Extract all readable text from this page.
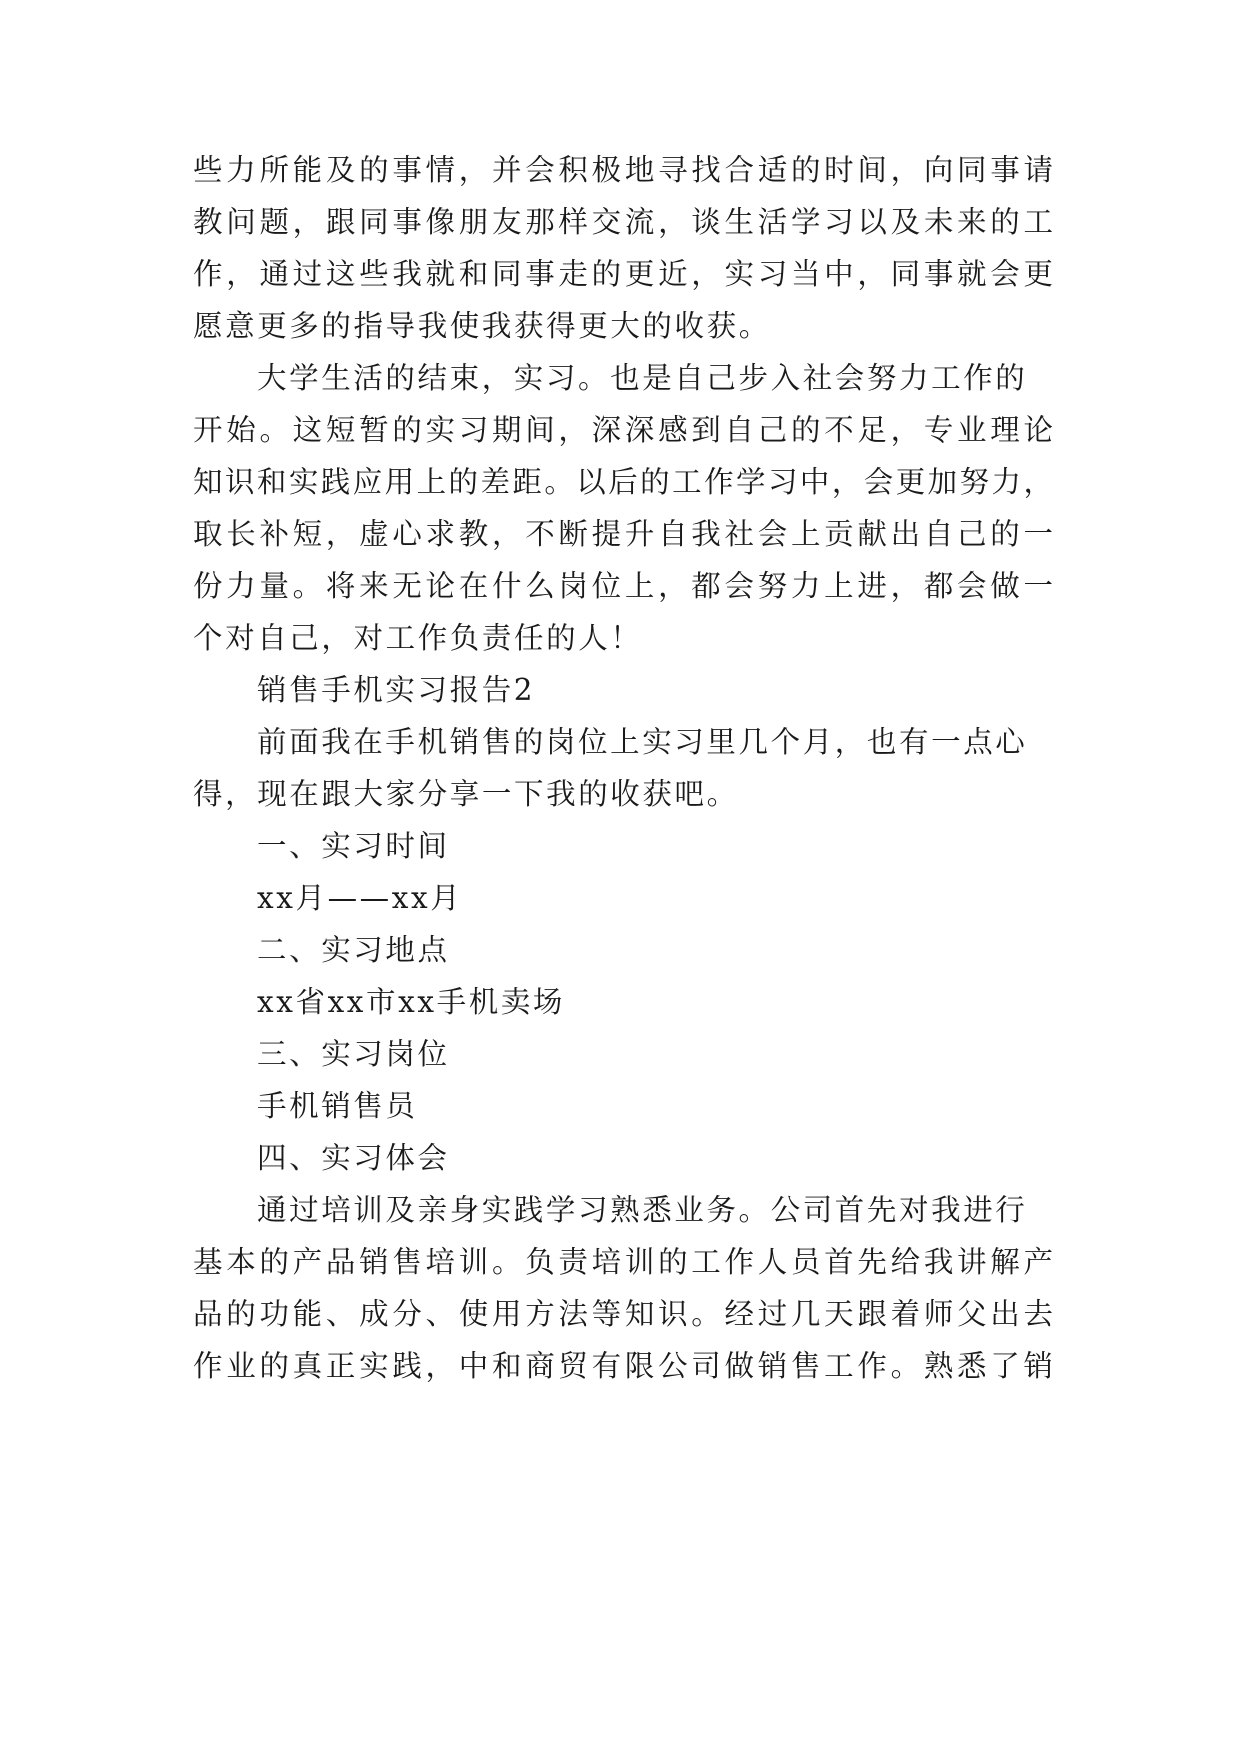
些力所能及的事情，并会积极地寻找合适的时间，向同事请
教问题，跟同事像朋友那样交流，谈生活学习以及未来的工
作，通过这些我就和同事走的更近，实习当中，同事就会更
愿意更多的指导我使我获得更大的收获。
大学生活的结束，实习。也是自己步入社会努力工作的
开始。这短暂的实习期间，深深感到自己的不足，专业理论
知识和实践应用上的差距。以后的工作学习中，会更加努力，
取长补短，虚心求教，不断提升自我社会上贡献出自己的一
份力量。将来无论在什么岗位上，都会努力上进，都会做一
个对自己，对工作负责任的人！
销售手机实习报告2
前面我在手机销售的岗位上实习里几个月，也有一点心
得，现在跟大家分享一下我的收获吧。
一、实习时间
xx月——xx月
二、实习地点
xx省xx市xx手机卖场
三、实习岗位
手机销售员
四、实习体会
通过培训及亲身实践学习熟悉业务。公司首先对我进行
基本的产品销售培训。负责培训的工作人员首先给我讲解产
品的功能、成分、使用方法等知识。经过几天跟着师父出去
作业的真正实践，中和商贸有限公司做销售工作。熟悉了销
